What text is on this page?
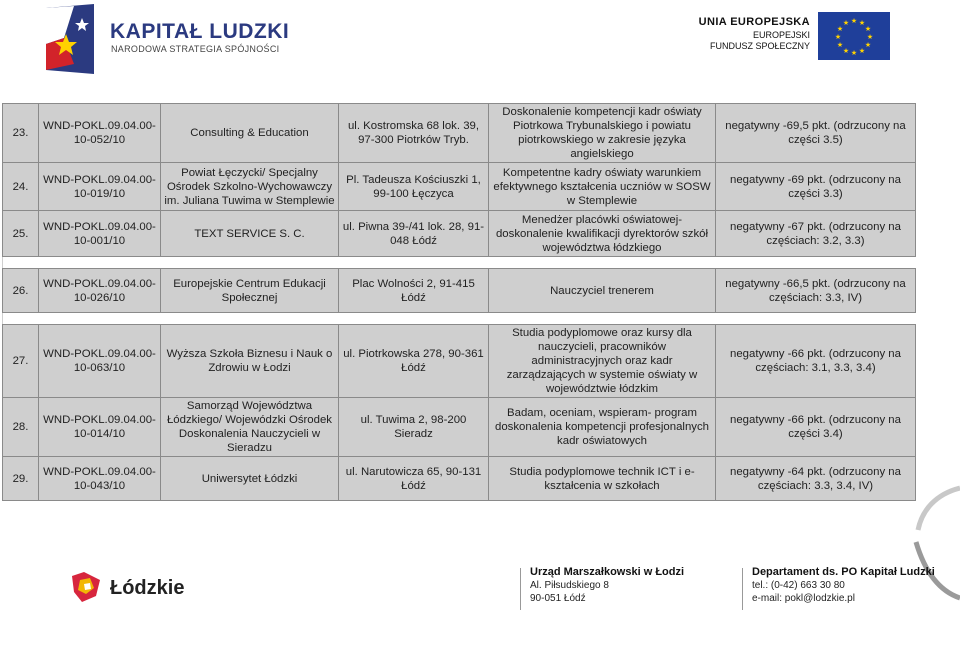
KAPITAŁ LUDZKI
NARODOWA STRATEGIA SPÓJNOŚCI
UNIA EUROPEJSKA
EUROPEJSKI
FUNDUSZ SPOŁECZNY
★ ★
★
★
★
★
★
★
★
★
★
★
23.	WND-POKL.09.04.00-10-052/10	Consulting & Education	ul. Kostromska 68 lok. 39, 97-300 Piotrków Tryb.	Doskonalenie kompetencji kadr oświaty Piotrkowa Trybunalskiego i powiatu piotrkowskiego w zakresie języka angielskiego	negatywny -69,5 pkt. (odrzucony na części 3.5)
24.	WND-POKL.09.04.00-10-019/10	Powiat Łęczycki/ Specjalny Ośrodek Szkolno-Wychowawczy im. Juliana Tuwima w Stemplewie	Pl. Tadeusza Kościuszki 1, 99-100 Łęczyca	Kompetentne kadry oświaty warunkiem efektywnego kształcenia uczniów w SOSW w Stemplewie	negatywny -69 pkt. (odrzucony na części 3.3)
25.	WND-POKL.09.04.00-10-001/10	TEXT SERVICE S. C.	ul. Piwna 39-/41 lok. 28, 91-048 Łódź	Menedżer placówki oświatowej- doskonalenie kwalifikacji dyrektorów szkół województwa łódzkiego	negatywny -67 pkt. (odrzucony na częściach: 3.2, 3.3)

26.	WND-POKL.09.04.00-10-026/10	Europejskie Centrum Edukacji Społecznej	Plac Wolności 2, 91-415 Łódź	Nauczyciel trenerem	negatywny -66,5 pkt. (odrzucony na częściach: 3.3, IV)

27.	WND-POKL.09.04.00-10-063/10	Wyższa Szkoła Biznesu i Nauk o Zdrowiu w Łodzi	ul. Piotrkowska 278, 90-361 Łódź	Studia podyplomowe oraz kursy dla nauczycieli, pracowników administracyjnych oraz kadr zarządzających w systemie oświaty w województwie łódzkim	negatywny -66 pkt. (odrzucony na częściach: 3.1, 3.3, 3.4)
28.	WND-POKL.09.04.00-10-014/10	Samorząd Województwa Łódzkiego/ Wojewódzki Ośrodek Doskonalenia Nauczycieli w Sieradzu	ul. Tuwima 2, 98-200 Sieradz	Badam, oceniam, wspieram- program doskonalenia kompetencji profesjonalnych kadr oświatowych	negatywny -66 pkt. (odrzucony na części 3.4)
29.	WND-POKL.09.04.00-10-043/10	Uniwersytet Łódzki	ul. Narutowicza 65, 90-131 Łódź	Studia podyplomowe technik ICT i e-kształcenia w szkołach	negatywny -64 pkt. (odrzucony na częściach: 3.3, 3.4, IV)
Łódzkie
Urząd Marszałkowski w Łodzi
Al. Piłsudskiego 8
90-051 Łódź
Departament ds. PO Kapitał Ludzki
tel.: (0-42) 663 30 80
e-mail: pokl@lodzkie.pl
